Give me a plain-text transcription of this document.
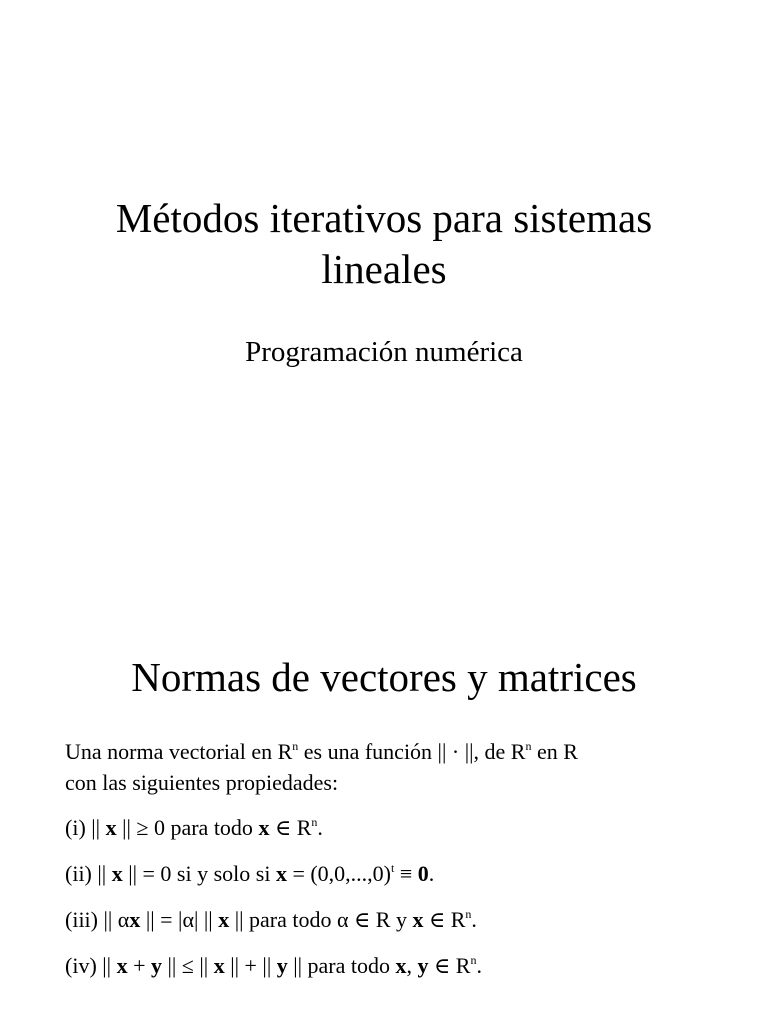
Métodos iterativos para sistemas
lineales
Programación numérica
Normas de vectores y matrices

Una norma vectorial en $R^n$ es una función || · ||, de $R^n$ en R
con las siguientes propiedades:

(i) || x || ≥ 0 para todo x ∈ $R^n$.

(ii) || x || = 0 si y solo si $x = (0,0,...,0)^t \equiv 0$.

(iii) || αx || = |α| || x || para todo α ∈ R y x ∈ $R^n$.

(iv) || x + y || ≤ || x || + || y || para todo x, y ∈ $R^n$.
